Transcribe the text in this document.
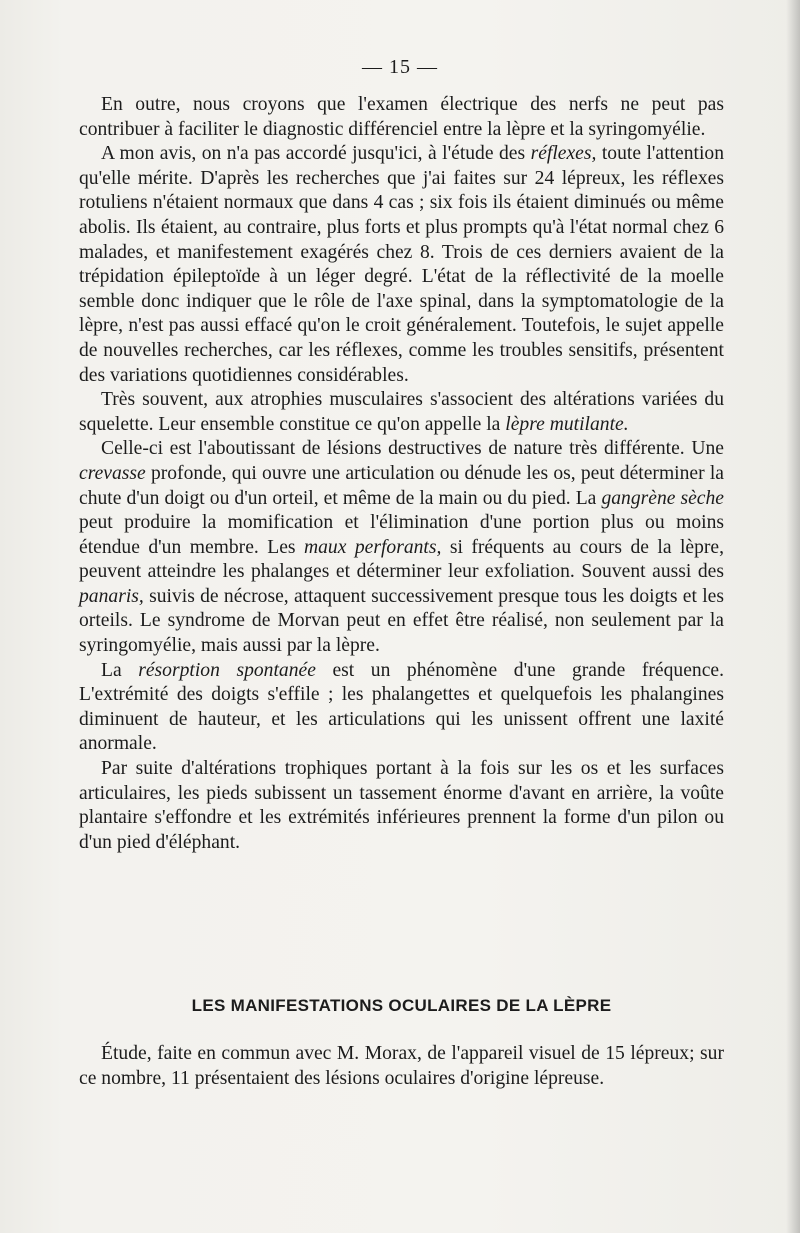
— 15 —

En outre, nous croyons que l'examen électrique des nerfs ne peut pas contribuer à faciliter le diagnostic différenciel entre la lèpre et la syringomyélie.

A mon avis, on n'a pas accordé jusqu'ici, à l'étude des réflexes, toute l'attention qu'elle mérite. D'après les recherches que j'ai faites sur 24 lépreux, les réflexes rotuliens n'étaient normaux que dans 4 cas ; six fois ils étaient diminués ou même abolis. Ils étaient, au contraire, plus forts et plus prompts qu'à l'état normal chez 6 malades, et manifestement exagérés chez 8. Trois de ces derniers avaient de la trépidation épileptoïde à un léger degré. L'état de la réflectivité de la moelle semble donc indiquer que le rôle de l'axe spinal, dans la symptomatologie de la lèpre, n'est pas aussi effacé qu'on le croit généralement. Toutefois, le sujet appelle de nouvelles recherches, car les réflexes, comme les troubles sensitifs, présentent des variations quotidiennes considérables.

Très souvent, aux atrophies musculaires s'associent des altérations variées du squelette. Leur ensemble constitue ce qu'on appelle la lèpre mutilante.

Celle-ci est l'aboutissant de lésions destructives de nature très différente. Une crevasse profonde, qui ouvre une articulation ou dénude les os, peut déterminer la chute d'un doigt ou d'un orteil, et même de la main ou du pied. La gangrène sèche peut produire la momification et l'élimination d'une portion plus ou moins étendue d'un membre. Les maux perforants, si fréquents au cours de la lèpre, peuvent atteindre les phalanges et déterminer leur exfoliation. Souvent aussi des panaris, suivis de nécrose, attaquent successivement presque tous les doigts et les orteils. Le syndrome de Morvan peut en effet être réalisé, non seulement par la syringomyélie, mais aussi par la lèpre.

La résorption spontanée est un phénomène d'une grande fréquence. L'extrémité des doigts s'effile ; les phalangettes et quelquefois les phalangines diminuent de hauteur, et les articulations qui les unissent offrent une laxité anormale.

Par suite d'altérations trophiques portant à la fois sur les os et les surfaces articulaires, les pieds subissent un tassement énorme d'avant en arrière, la voûte plantaire s'effondre et les extrémités inférieures prennent la forme d'un pilon ou d'un pied d'éléphant.

LES MANIFESTATIONS OCULAIRES DE LA LÈPRE

Étude, faite en commun avec M. Morax, de l'appareil visuel de 15 lépreux; sur ce nombre, 11 présentaient des lésions oculaires d'origine lépreuse.
